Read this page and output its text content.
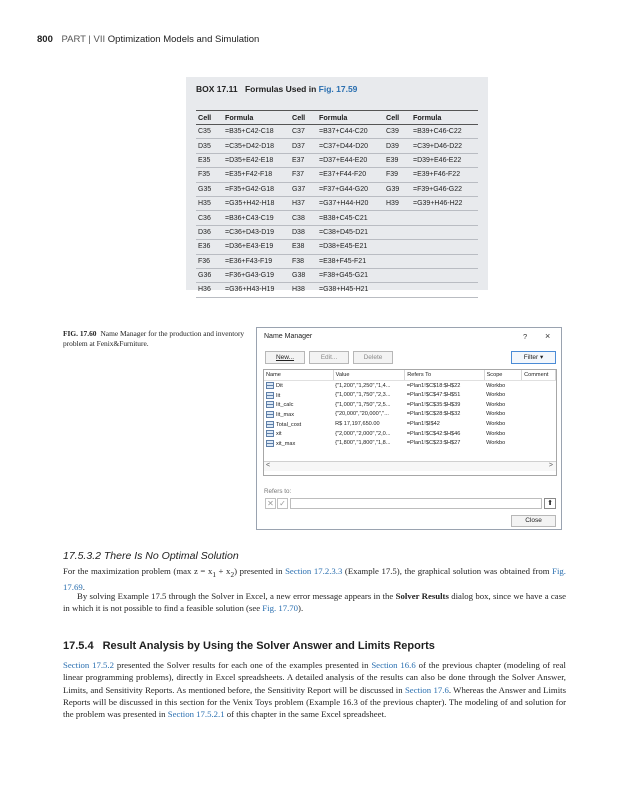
800 PART | VII Optimization Models and Simulation
BOX 17.11 Formulas Used in Fig. 17.59
Cell	Formula	Cell	Formula	Cell	Formula
C35	=B35+C42-C18	C37	=B37+C44-C20	C39	=B39+C46-C22
D35	=C35+D42-D18	D37	=C37+D44-D20	D39	=C39+D46-D22
E35	=D35+E42-E18	E37	=D37+E44-E20	E39	=D39+E46-E22
F35	=E35+F42-F18	F37	=E37+F44-F20	F39	=E39+F46-F22
G35	=F35+G42-G18	G37	=F37+G44-G20	G39	=F39+G46-G22
H35	=G35+H42-H18	H37	=G37+H44-H20	H39	=G39+H46-H22
C36	=B36+C43-C19	C38	=B38+C45-C21		
D36	=C36+D43-D19	D38	=C38+D45-D21		
E36	=D36+E43-E19	E38	=D38+E45-E21		
F36	=E36+F43-F19	F38	=E38+F45-F21		
G36	=F36+G43-G19	G38	=F38+G45-G21		
H36	=G36+H43-H19	H38	=G38+H45-H21		
FIG. 17.60 Name Manager for the production and inventory problem at Fenix&Furniture.
Name Manager	? ×
New...	Edit...	Delete	Filter ▾
Name	Value	Refers To	Scope	Comment
Dit	{"1,200","1,250","1,4...	=Plan1!$C$18:$H$22	Workbo	
Iit	{"1,000","1,750","2,3...	=Plan1!$C$47:$H$51	Workbo	
Iit_calc	{"1,000","1,750","2,5...	=Plan1!$C$35:$H$39	Workbo	
Iit_max	{"20,000","20,000","...	=Plan1!$C$28:$H$32	Workbo	
Total_cost	R$ 17,197,650.00	=Plan1!$I$42	Workbo	
xit	{"2,000","2,000","2,0...	=Plan1!$C$42:$H$46	Workbo	
xit_max	{"1,800","1,800","1,8...	=Plan1!$C$23:$H$27	Workbo	
<	>
Refers to:
✕ ✓	⬆
Close
17.5.3.2 There Is No Optimal Solution
For the maximization problem (max $z = x_1 + x_2$) presented in Section 17.2.3.3 (Example 17.5), the graphical solution was obtained from Fig. 17.69.
By solving Example 17.5 through the Solver in Excel, a new error message appears in the Solver Results dialog box, since we have a case in which it is not possible to find a feasible solution (see Fig. 17.70).
17.5.4 Result Analysis by Using the Solver Answer and Limits Reports
Section 17.5.2 presented the Solver results for each one of the examples presented in Section 16.6 of the previous chapter (modeling of real linear programming problems), directly in Excel spreadsheets. A detailed analysis of the results can also be done through the Solver Answer, Limits, and Sensitivity Reports. As mentioned before, the Sensitivity Report will be discussed in Section 17.6. Whereas the Answer and Limits Reports will be discussed in this section for the Venix Toys problem (Example 16.3 of the previous chapter). The modeling of and solution for the problem was presented in Section 17.5.2.1 of this chapter in the same Excel spreadsheet.
